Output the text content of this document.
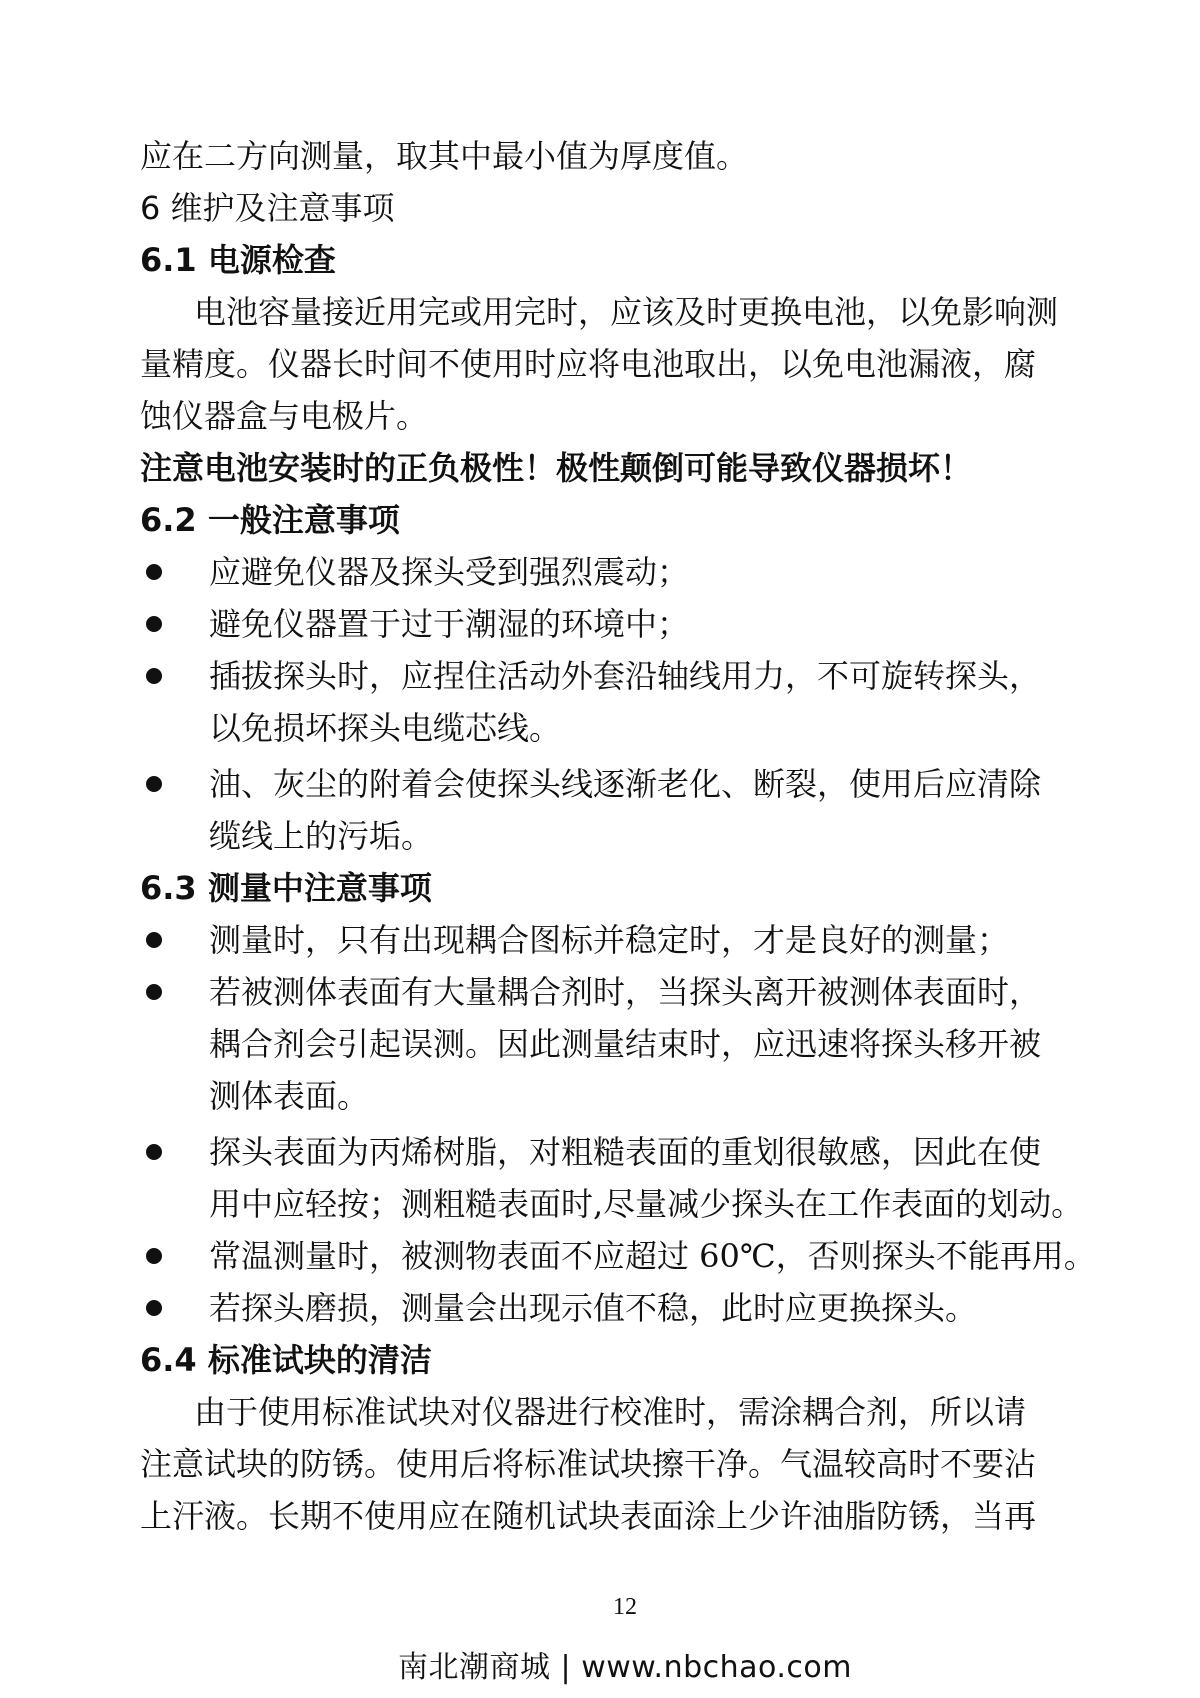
应在二方向测量，取其中最小值为厚度值。
6 维护及注意事项
6.1 电源检查
电池容量接近用完或用完时，应该及时更换电池，以免影响测
量精度。仪器长时间不使用时应将电池取出，以免电池漏液，腐
蚀仪器盒与电极片。
注意电池安装时的正负极性！极性颠倒可能导致仪器损坏！
6.2 一般注意事项
应避免仪器及探头受到强烈震动；
避免仪器置于过于潮湿的环境中；
插拔探头时，应捏住活动外套沿轴线用力，不可旋转探头，
以免损坏探头电缆芯线。
油、灰尘的附着会使探头线逐渐老化、断裂，使用后应清除
缆线上的污垢。
6.3 测量中注意事项
测量时，只有出现耦合图标并稳定时，才是良好的测量；
若被测体表面有大量耦合剂时，当探头离开被测体表面时，
耦合剂会引起误测。因此测量结束时，应迅速将探头移开被
测体表面。
探头表面为丙烯树脂，对粗糙表面的重划很敏感，因此在使
用中应轻按；测粗糙表面时,尽量减少探头在工作表面的划动。
常温测量时，被测物表面不应超过 60℃，否则探头不能再用。
若探头磨损，测量会出现示值不稳，此时应更换探头。
6.4 标准试块的清洁
由于使用标准试块对仪器进行校准时，需涂耦合剂，所以请
注意试块的防锈。使用后将标准试块擦干净。气温较高时不要沾
上汗液。长期不使用应在随机试块表面涂上少许油脂防锈，当再
12
南北潮商城 | www.nbchao.com
